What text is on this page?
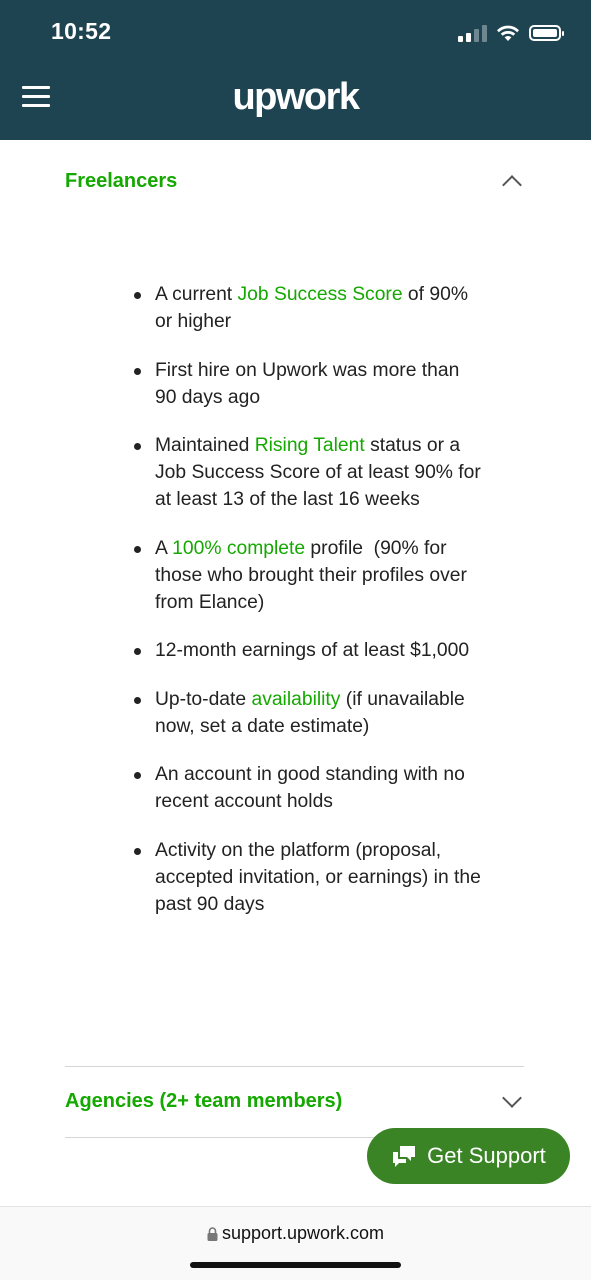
10:52
upwork
Freelancers
A current Job Success Score of 90% or higher
First hire on Upwork was more than 90 days ago
Maintained Rising Talent status or a Job Success Score of at least 90% for at least 13 of the last 16 weeks
A 100% complete profile  (90% for those who brought their profiles over from Elance)
12-month earnings of at least $1,000
Up-to-date availability (if unavailable now, set a date estimate)
An account in good standing with no recent account holds
Activity on the platform (proposal, accepted invitation, or earnings) in the past 90 days
Agencies (2+ team members)
Get Support
support.upwork.com
